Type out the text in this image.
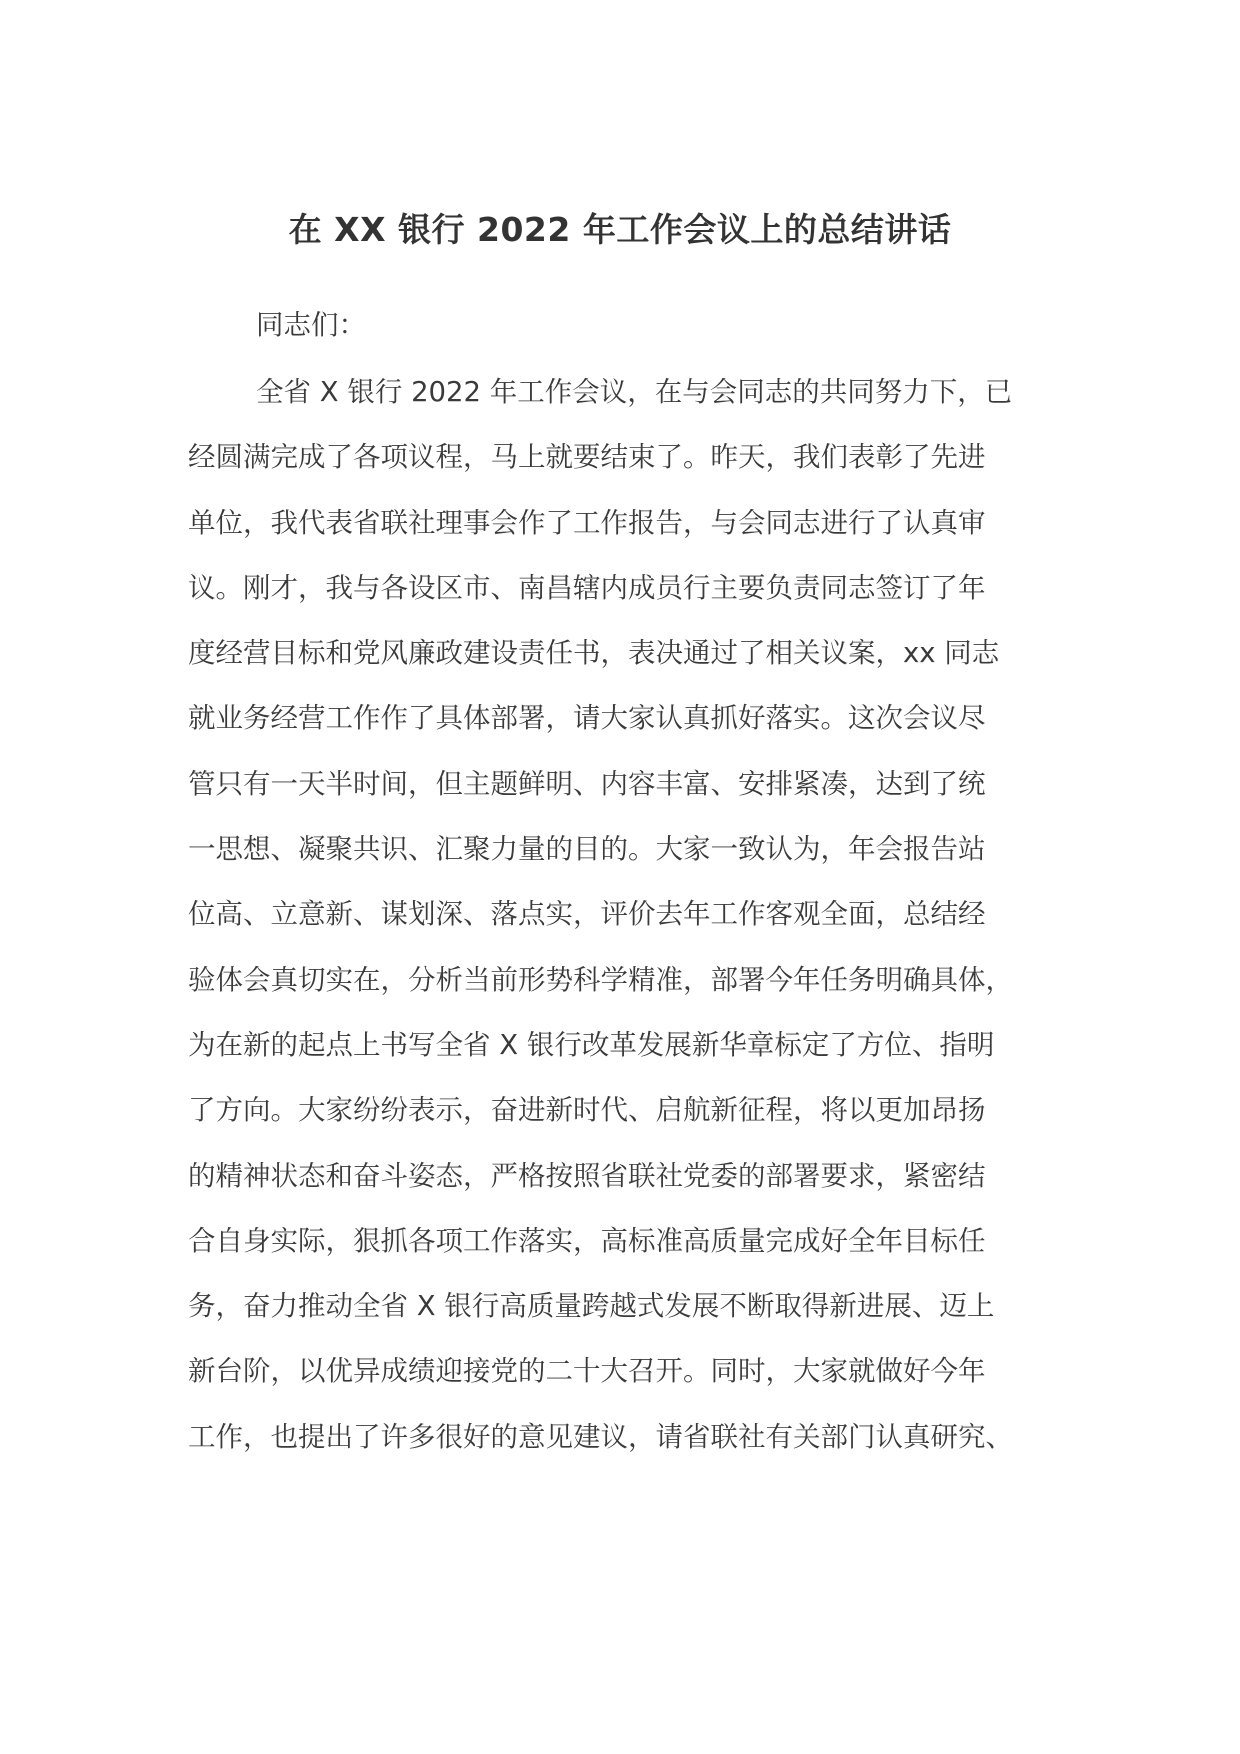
在 XX 银行 2022 年工作会议上的总结讲话
同志们：
全省 X 银行 2022 年工作会议，在与会同志的共同努力下，已
经圆满完成了各项议程，马上就要结束了。昨天，我们表彰了先进
单位，我代表省联社理事会作了工作报告，与会同志进行了认真审
议。刚才，我与各设区市、南昌辖内成员行主要负责同志签订了年
度经营目标和党风廉政建设责任书，表决通过了相关议案，xx 同志
就业务经营工作作了具体部署，请大家认真抓好落实。这次会议尽
管只有一天半时间，但主题鲜明、内容丰富、安排紧凑，达到了统
一思想、凝聚共识、汇聚力量的目的。大家一致认为，年会报告站
位高、立意新、谋划深、落点实，评价去年工作客观全面，总结经
验体会真切实在，分析当前形势科学精准，部署今年任务明确具体，
为在新的起点上书写全省 X 银行改革发展新华章标定了方位、指明
了方向。大家纷纷表示，奋进新时代、启航新征程，将以更加昂扬
的精神状态和奋斗姿态，严格按照省联社党委的部署要求，紧密结
合自身实际，狠抓各项工作落实，高标准高质量完成好全年目标任
务，奋力推动全省 X 银行高质量跨越式发展不断取得新进展、迈上
新台阶，以优异成绩迎接党的二十大召开。同时，大家就做好今年
工作，也提出了许多很好的意见建议，请省联社有关部门认真研究、
